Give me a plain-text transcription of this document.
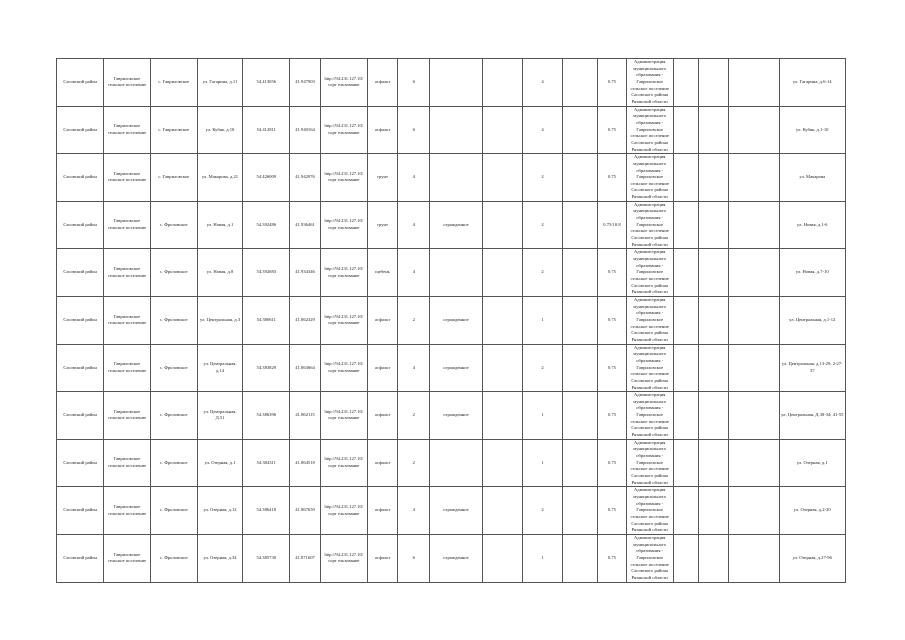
Сасовский район	Гавриловское сельское поселение	с. Гавриловское	ул. Гагарина, д.11	54.413056	41.947903	http://94.231.127.10/сорт ельзование	асфальт	6			4		0.75	Администрация муниципального образования - Гавриловское сельское поселение Сасовского района Рязанской области				ул. Гагарина, д.6-14
Сасовский район	Гавриловское сельское поселение	с. Гавриловское	ул. Кубяк, д.10	54.412811	41.940164	http://94.231.127.10/сорт ельзование	асфальт	6			4		0.75	Администрация муниципального образования - Гавриловское сельское поселение Сасовского района Рязанской области				ул. Кубяк, д.1-10
Сасовский район	Гавриловское сельское поселение	с. Гавриловское	ул. Макарова, д.21	54.426009	41.942976	http://94.231.127.10/сорт ельзование	грунт	4			2		0.75	Администрация муниципального образования - Гавриловское сельское поселение Сасовского района Рязанской области				ул. Макарова
Сасовский район	Гавриловское сельское поселение	с. Фроловское	ул. Новая, д.1	54.392486	41.936461	http://94.231.127.10/сорт ельзование	грунт	4	огражденное		2		0.75/10.8	Администрация муниципального образования - Гавриловское сельское поселение Сасовского района Рязанской области				ул. Новая, д.1-6
Сасовский район	Гавриловское сельское поселение	с. Фроловское	ул. Новая, д.8	54.392683	41.934346	http://94.231.127.10/сорт ельзование	щебень	4			2		0.75	Администрация муниципального образования - Гавриловское сельское поселение Сасовского района Рязанской области				ул. Новая, д.7-10
Сасовский район	Гавриловское сельское поселение	с. Фроловское	ул. Центральная, д.3	54.380611	41.862329	http://94.231.127.10/сорт ельзование	асфальт	2	огражденное		1		0.75	Администрация муниципального образования - Гавриловское сельское поселение Сасовского района Рязанской области				ул. Центральная, д.1-12
Сасовский район	Гавриловское сельское поселение	с. Фроловское	ул. Центральная, д.14	54.383829	41.863664	http://94.231.127.10/сорт ельзование	асфальт	4	огражденное		2		0.75	Администрация муниципального образования - Гавриловское сельское поселение Сасовского района Рязанской области				ул. Центральная, д.13-29; 2-27-37
Сасовский район	Гавриловское сельское поселение	с. Фроловское	ул. Центральная, Д.51	54.386396	41.862115	http://94.231.127.10/сорт ельзование	асфальт	2	огражденное		1		0.75	Администрация муниципального образования - Гавриловское сельское поселение Сасовского района Рязанской области				ул. Центральная, Д.38-34; 41-55
Сасовский район	Гавриловское сельское поселение	с. Фроловское	ул. Озерная, д.1	54.384311	41.864518	http://94.231.127.10/сорт ельзование	асфальт	2			1		0.75	Администрация муниципального образования - Гавриловское сельское поселение Сасовского района Рязанской области				ул. Озерная, д.1
Сасовский район	Гавриловское сельское поселение	с. Фроловское	ул. Озерная, д.12	54.386418	41.867659	http://94.231.127.10/сорт ельзование	асфальт	4	огражденное		2		0.75	Администрация муниципального образования - Гавриловское сельское поселение Сасовского района Рязанской области				ул. Озерная, д.2-20
Сасовский район	Гавриловское сельское поселение	с. Фроловское	ул. Озерная, д.34	54.385730	41.871607	http://94.231.127.10/сорт ельзование	асфальт	6	огражденное		1		0.75	Администрация муниципального образования - Гавриловское сельское поселение Сасовского района Рязанской области				ул. Озерная, д.27-96
